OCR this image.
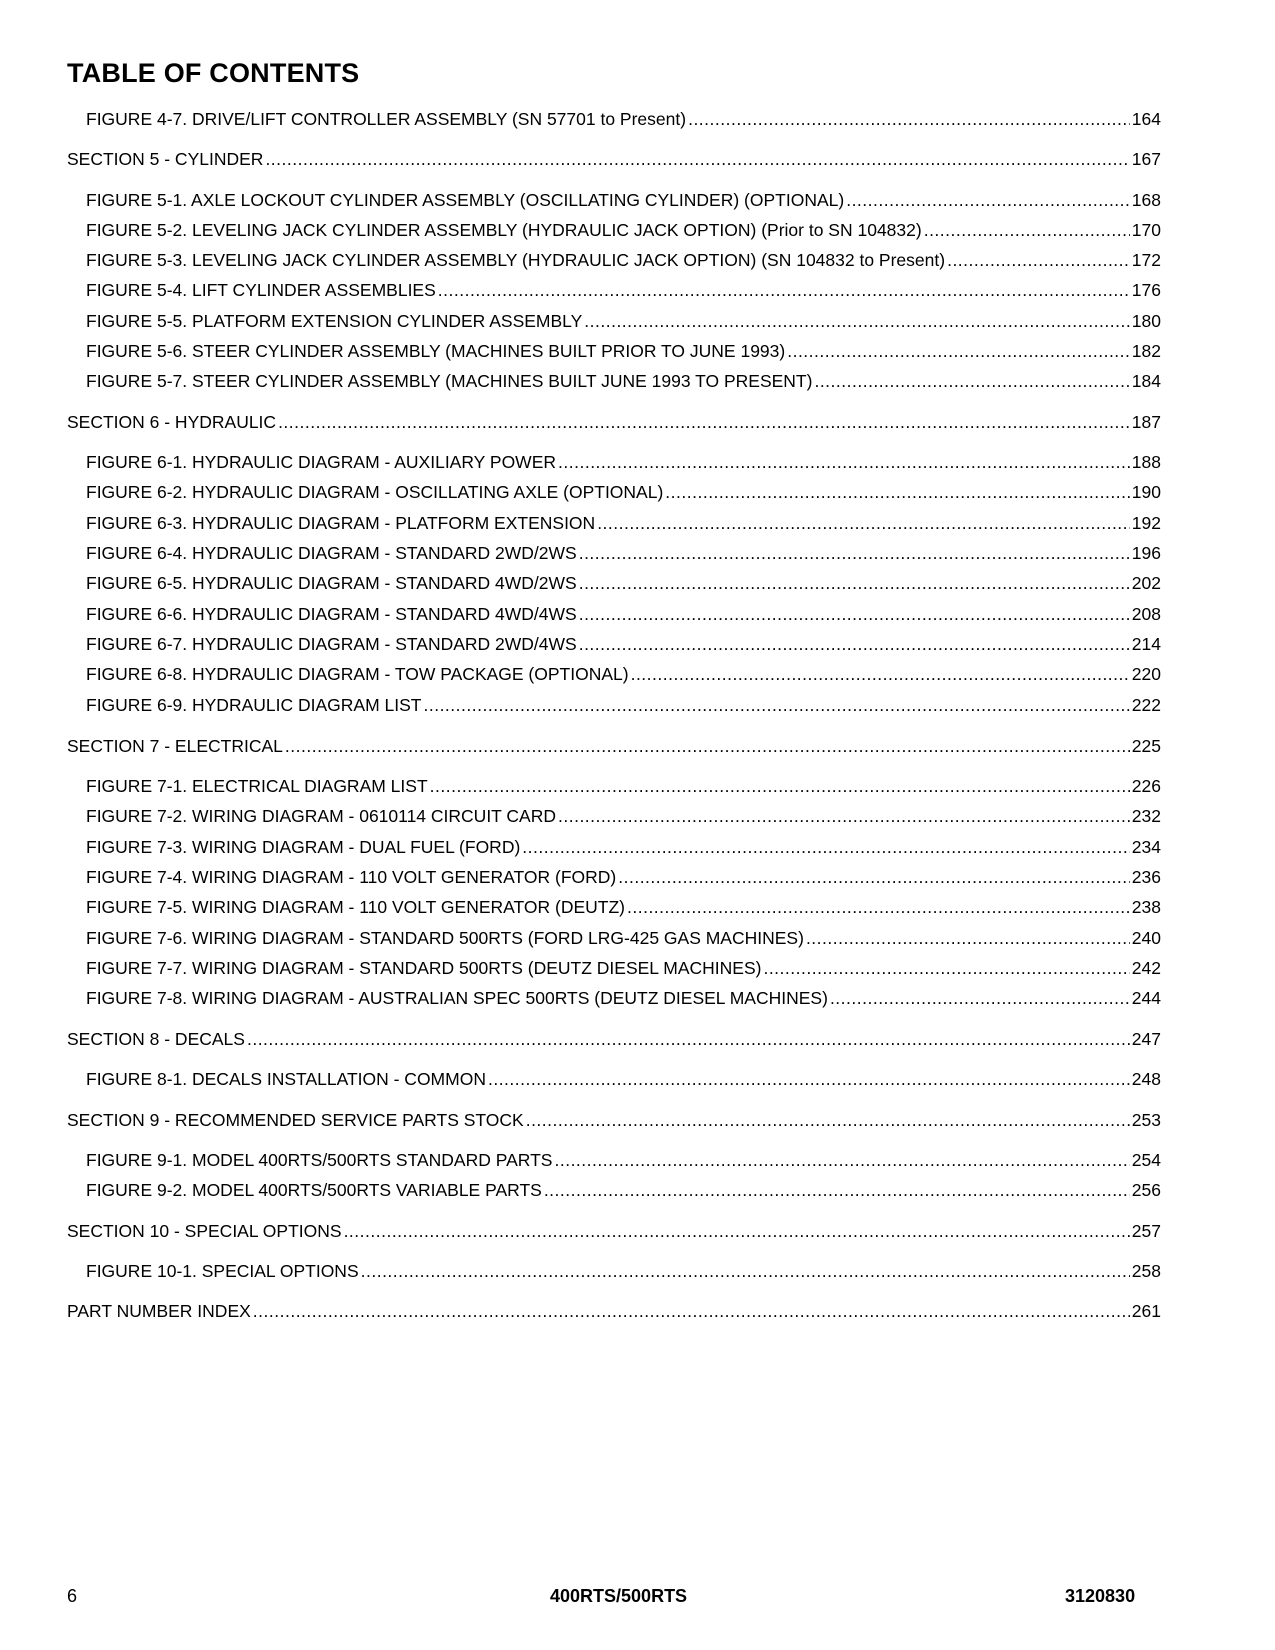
TABLE OF CONTENTS
FIGURE 4-7. DRIVE/LIFT CONTROLLER ASSEMBLY (SN 57701 to Present) .....	164
SECTION 5 - CYLINDER .....	167
FIGURE 5-1. AXLE LOCKOUT CYLINDER ASSEMBLY (OSCILLATING CYLINDER) (OPTIONAL) .....	168
FIGURE 5-2. LEVELING JACK CYLINDER ASSEMBLY (HYDRAULIC JACK OPTION) (Prior to SN 104832) .....	170
FIGURE 5-3. LEVELING JACK CYLINDER ASSEMBLY (HYDRAULIC JACK OPTION) (SN 104832 to Present) .....	172
FIGURE 5-4. LIFT CYLINDER ASSEMBLIES .....	176
FIGURE 5-5. PLATFORM EXTENSION CYLINDER ASSEMBLY .....	180
FIGURE 5-6. STEER CYLINDER ASSEMBLY (MACHINES BUILT PRIOR TO JUNE 1993) .....	182
FIGURE 5-7. STEER CYLINDER ASSEMBLY (MACHINES BUILT JUNE 1993 TO PRESENT) .....	184
SECTION 6 - HYDRAULIC .....	187
FIGURE 6-1. HYDRAULIC DIAGRAM - AUXILIARY POWER .....	188
FIGURE 6-2. HYDRAULIC DIAGRAM - OSCILLATING AXLE (OPTIONAL) .....	190
FIGURE 6-3. HYDRAULIC DIAGRAM - PLATFORM EXTENSION .....	192
FIGURE 6-4. HYDRAULIC DIAGRAM - STANDARD 2WD/2WS .....	196
FIGURE 6-5. HYDRAULIC DIAGRAM - STANDARD 4WD/2WS .....	202
FIGURE 6-6. HYDRAULIC DIAGRAM - STANDARD 4WD/4WS .....	208
FIGURE 6-7. HYDRAULIC DIAGRAM - STANDARD 2WD/4WS .....	214
FIGURE 6-8. HYDRAULIC DIAGRAM - TOW PACKAGE (OPTIONAL) .....	220
FIGURE 6-9. HYDRAULIC DIAGRAM LIST .....	222
SECTION 7 - ELECTRICAL .....	225
FIGURE 7-1. ELECTRICAL DIAGRAM LIST .....	226
FIGURE 7-2. WIRING DIAGRAM - 0610114 CIRCUIT CARD .....	232
FIGURE 7-3. WIRING DIAGRAM - DUAL FUEL (FORD) .....	234
FIGURE 7-4. WIRING DIAGRAM - 110 VOLT GENERATOR (FORD) .....	236
FIGURE 7-5. WIRING DIAGRAM - 110 VOLT GENERATOR (DEUTZ) .....	238
FIGURE 7-6. WIRING DIAGRAM - STANDARD 500RTS (FORD LRG-425 GAS MACHINES) .....	240
FIGURE 7-7. WIRING DIAGRAM - STANDARD 500RTS (DEUTZ DIESEL MACHINES) .....	242
FIGURE 7-8. WIRING DIAGRAM - AUSTRALIAN SPEC 500RTS (DEUTZ DIESEL MACHINES) .....	244
SECTION 8 - DECALS .....	247
FIGURE 8-1. DECALS INSTALLATION - COMMON .....	248
SECTION 9 - RECOMMENDED SERVICE PARTS STOCK .....	253
FIGURE 9-1. MODEL 400RTS/500RTS STANDARD PARTS .....	254
FIGURE 9-2. MODEL 400RTS/500RTS VARIABLE PARTS .....	256
SECTION 10 - SPECIAL OPTIONS .....	257
FIGURE 10-1. SPECIAL OPTIONS .....	258
PART NUMBER INDEX .....	261
6	400RTS/500RTS	3120830
